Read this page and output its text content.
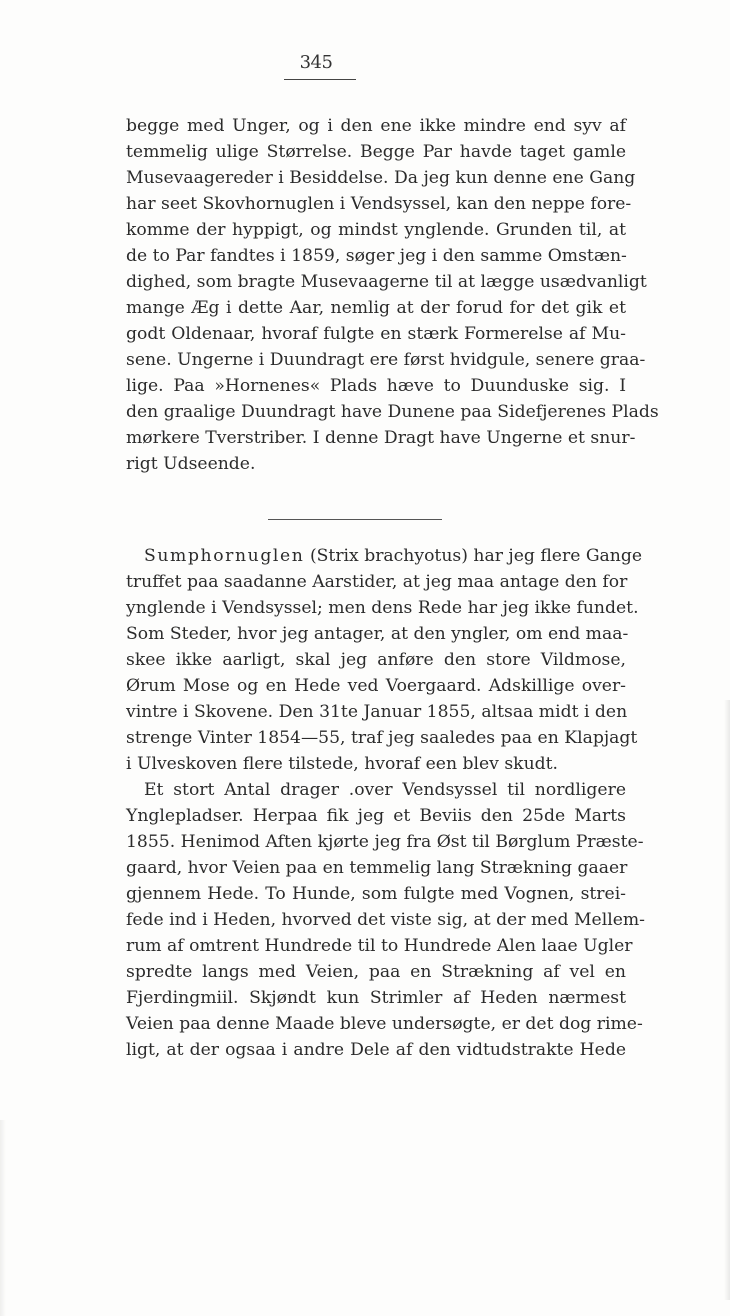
345
begge med Unger, og i den ene ikke mindre end syv af
temmelig ulige Størrelse. Begge Par havde taget gamle
Musevaagereder i Besiddelse. Da jeg kun denne ene Gang
har seet Skovhornuglen i Vendsyssel, kan den neppe fore-
komme der hyppigt, og mindst ynglende. Grunden til, at
de to Par fandtes i 1859, søger jeg i den samme Omstæn-
dighed, som bragte Musevaagerne til at lægge usædvanligt
mange Æg i dette Aar, nemlig at der forud for det gik et
godt Oldenaar, hvoraf fulgte en stærk Formerelse af Mu-
sene. Ungerne i Duundragt ere først hvidgule, senere graa-
lige. Paa »Hornenes« Plads hæve to Duunduske sig. I
den graalige Duundragt have Dunene paa Sidefjerenes Plads
mørkere Tverstriber. I denne Dragt have Ungerne et snur-
rigt Udseende.
Sumphornuglen (Strix brachyotus) har jeg flere Gange
truffet paa saadanne Aarstider, at jeg maa antage den for
ynglende i Vendsyssel; men dens Rede har jeg ikke fundet.
Som Steder, hvor jeg antager, at den yngler, om end maa-
skee ikke aarligt, skal jeg anføre den store Vildmose,
Ørum Mose og en Hede ved Voergaard. Adskillige over-
vintre i Skovene. Den 31te Januar 1855, altsaa midt i den
strenge Vinter 1854—55, traf jeg saaledes paa en Klapjagt
i Ulveskoven flere tilstede, hvoraf een blev skudt.
Et stort Antal drager .over Vendsyssel til nordligere
Ynglepladser. Herpaa fik jeg et Beviis den 25de Marts
1855. Henimod Aften kjørte jeg fra Øst til Børglum Præste-
gaard, hvor Veien paa en temmelig lang Strækning gaaer
gjennem Hede. To Hunde, som fulgte med Vognen, strei-
fede ind i Heden, hvorved det viste sig, at der med Mellem-
rum af omtrent Hundrede til to Hundrede Alen laae Ugler
spredte langs med Veien, paa en Strækning af vel en
Fjerdingmiil. Skjøndt kun Strimler af Heden nærmest
Veien paa denne Maade bleve undersøgte, er det dog rime-
ligt, at der ogsaa i andre Dele af den vidtudstrakte Hede
